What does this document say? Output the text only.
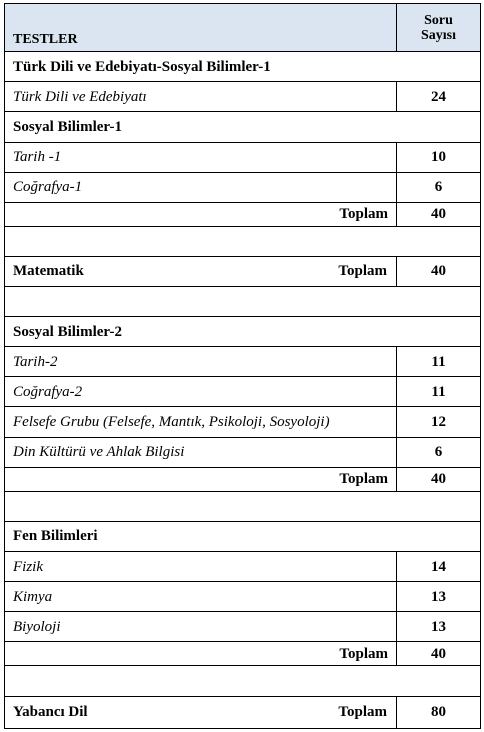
TESTLER	Soru
Sayısı
Türk Dili ve Edebiyatı-Sosyal Bilimler-1	
Türk Dili ve Edebiyatı	24
Sosyal Bilimler-1	
Tarih -1	10
Coğrafya-1	6
Toplam	40

Matematik Toplam	40

Sosyal Bilimler-2	
Tarih-2	11
Coğrafya-2	11
Felsefe Grubu (Felsefe, Mantık, Psikoloji, Sosyoloji)	12
Din Kültürü ve Ahlak Bilgisi	6
Toplam	40

Fen Bilimleri	
Fizik	14
Kimya	13
Biyoloji	13
Toplam	40

Yabancı Dil Toplam	80
